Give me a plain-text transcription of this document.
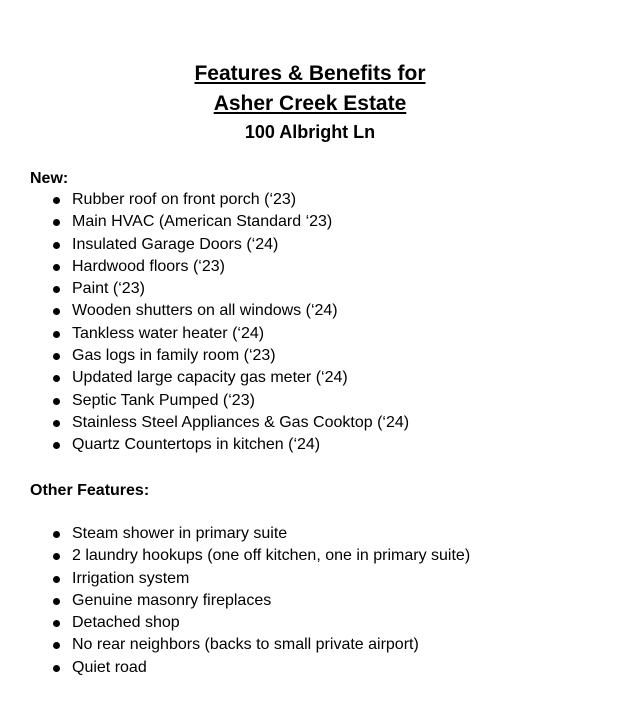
Features & Benefits for
Asher Creek Estate
100 Albright Ln
New:
Rubber roof on front porch (‘23)
Main HVAC (American Standard ‘23)
Insulated Garage Doors (‘24)
Hardwood floors (‘23)
Paint (‘23)
Wooden shutters on all windows (‘24)
Tankless water heater (‘24)
Gas logs in family room (‘23)
Updated large capacity gas meter (‘24)
Septic Tank Pumped (‘23)
Stainless Steel Appliances & Gas Cooktop (‘24)
Quartz Countertops in kitchen (‘24)
Other Features:
Steam shower in primary suite
2 laundry hookups (one off kitchen, one in primary suite)
Irrigation system
Genuine masonry fireplaces
Detached shop
No rear neighbors (backs to small private airport)
Quiet road
